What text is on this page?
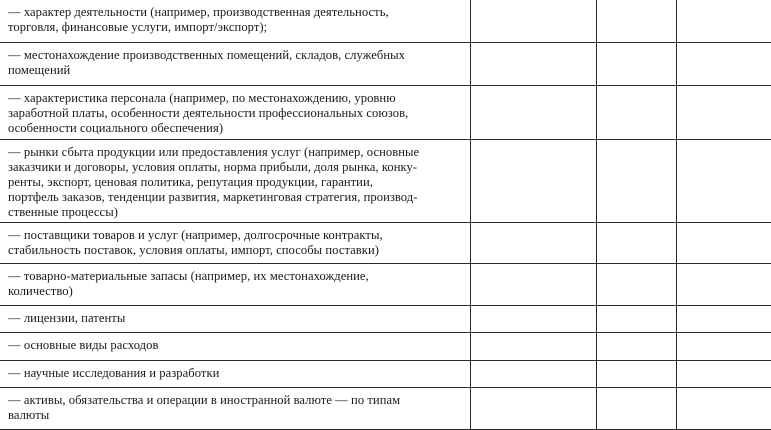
— характер деятельности (например, производственная деятельность,
торговля, финансовые услуги, импорт/экспорт);			

— местонахождение производственных помещений, складов, служебных
помещений			

— характеристика персонала (например, по местонахождению, уровню
заработной платы, особенности деятельности профессиональных союзов,
особенности социального обеспечения)			

— рынки сбыта продукции или предоставления услуг (например, основные
заказчики и договоры, условия оплаты, норма прибыли, доля рынка, конку-
ренты, экспорт, ценовая политика, репутация продукции, гарантии,
портфель заказов, тенденции развития, маркетинговая стратегия, производ-
ственные процессы)			

— поставщики товаров и услуг (например, долгосрочные контракты,
стабильность поставок, условия оплаты, импорт, способы поставки)			

— товарно-материальные запасы (например, их местонахождение,
количество)			

— лицензии, патенты			

— основные виды расходов			

— научные исследования и разработки			

— активы, обязательства и операции в иностранной валюте — по типам
валюты			
